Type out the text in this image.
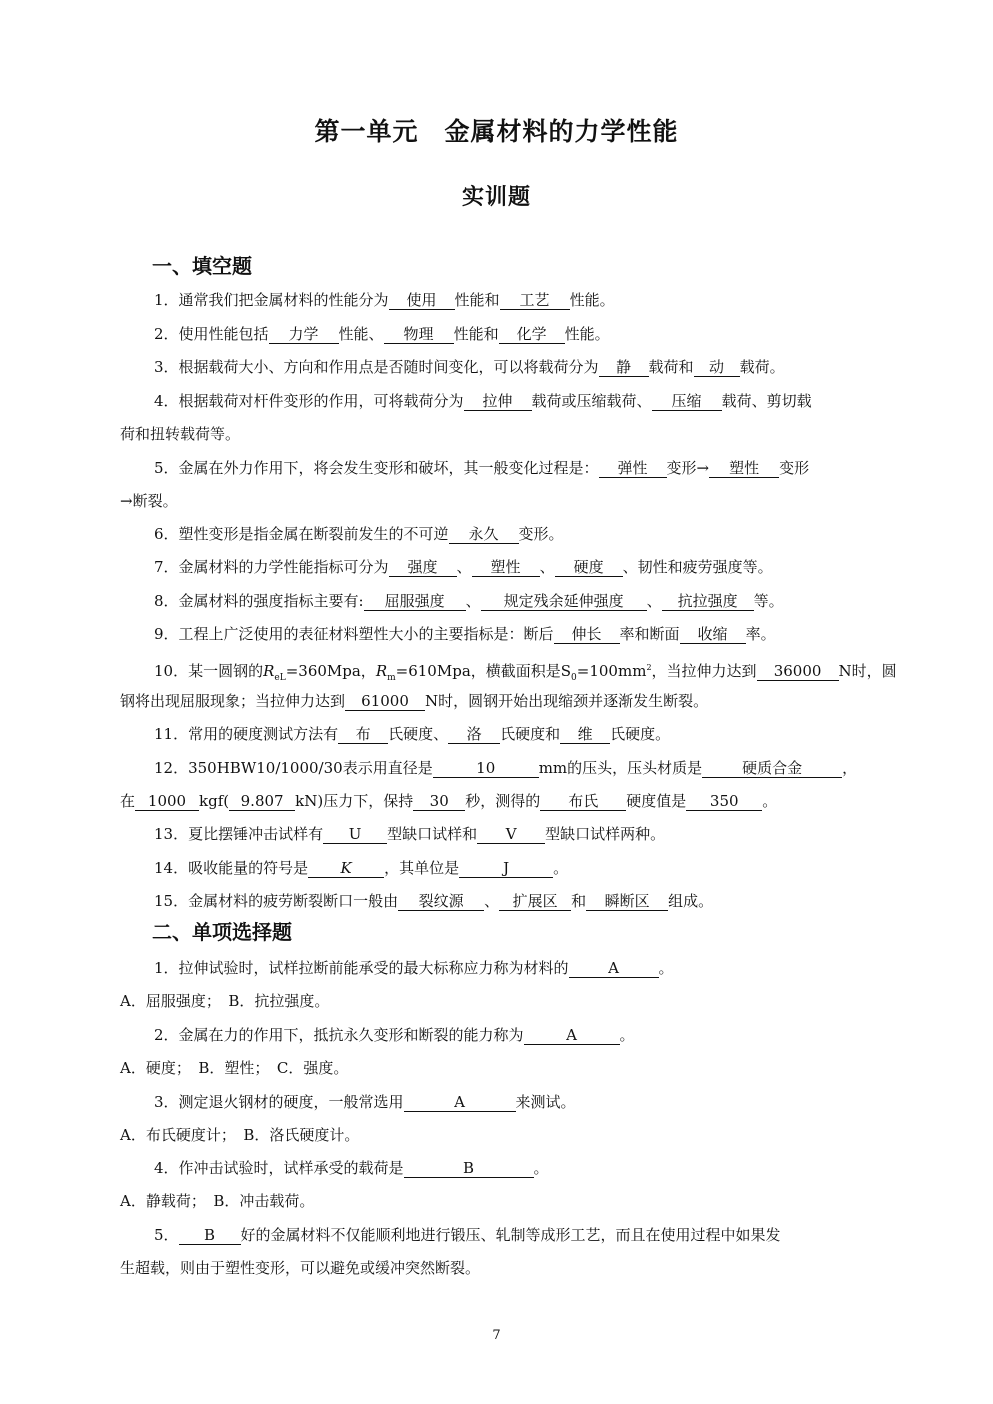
第一单元　金属材料的力学性能
实训题
一、填空题
1．通常我们把金属材料的性能分为 使用 性能和 工艺 性能。
2．使用性能包括 力学 性能、 物理 性能和 化学 性能。
3．根据载荷大小、方向和作用点是否随时间变化，可以将载荷分为 静 载荷和 动 载荷。
4．根据载荷对杆件变形的作用，可将载荷分为 拉伸 载荷或压缩载荷、 压缩 载荷、剪切载
荷和扭转载荷等。
5．金属在外力作用下，将会发生变形和破坏，其一般变化过程是： 弹性 变形→ 塑性 变形
→断裂。
6．塑性变形是指金属在断裂前发生的不可逆 永久 变形。
7．金属材料的力学性能指标可分为 强度 、 塑性 、 硬度 、韧性和疲劳强度等。
8．金属材料的强度指标主要有: 屈服强度 、 规定残余延伸强度 、 抗拉强度 等。
9．工程上广泛使用的表征材料塑性大小的主要指标是：断后 伸长 率和断面 收缩 率。
10．某一圆钢的$R_{eL}=360Mpa$，$R_m=610Mpa$，横截面积是$S_0=100mm^2$，当拉伸力达到 36000 N时，圆
钢将出现屈服现象；当拉伸力达到 61000 N时，圆钢开始出现缩颈并逐渐发生断裂。
11．常用的硬度测试方法有 布 氏硬度、 洛 氏硬度和 维 氏硬度。
12．350HBW10/1000/30表示用直径是	10	mm的压头，压头材质是	硬质合金	，
在 1000 kgf( 9.807 kN)压力下，保持 30 秒，测得的 布氏 硬度值是 350 。
13．夏比摆锤冲击试样有 U 型缺口试样和 V 型缺口试样两种。
14．吸收能量的符号是 K ，其单位是	J	。
15．金属材料的疲劳断裂断口一般由 裂纹源 、 扩展区 和 瞬断区 组成。
二、单项选择题
1．拉伸试验时，试样拉断前能承受的最大标称应力称为材料的	A	。
A．屈服强度；　B．抗拉强度。
2．金属在力的作用下，抵抗永久变形和断裂的能力称为	A	。
A．硬度；　B．塑性；　C．强度。
3．测定退火钢材的硬度，一般常选用	A	来测试。
A．布氏硬度计；　B．洛氏硬度计。
4．作冲击试验时，试样承受的载荷是	B	。
A．静载荷；　B．冲击载荷。
5． B 好的金属材料不仅能顺利地进行锻压、轧制等成形工艺，而且在使用过程中如果发
生超载，则由于塑性变形，可以避免或缓冲突然断裂。
7
